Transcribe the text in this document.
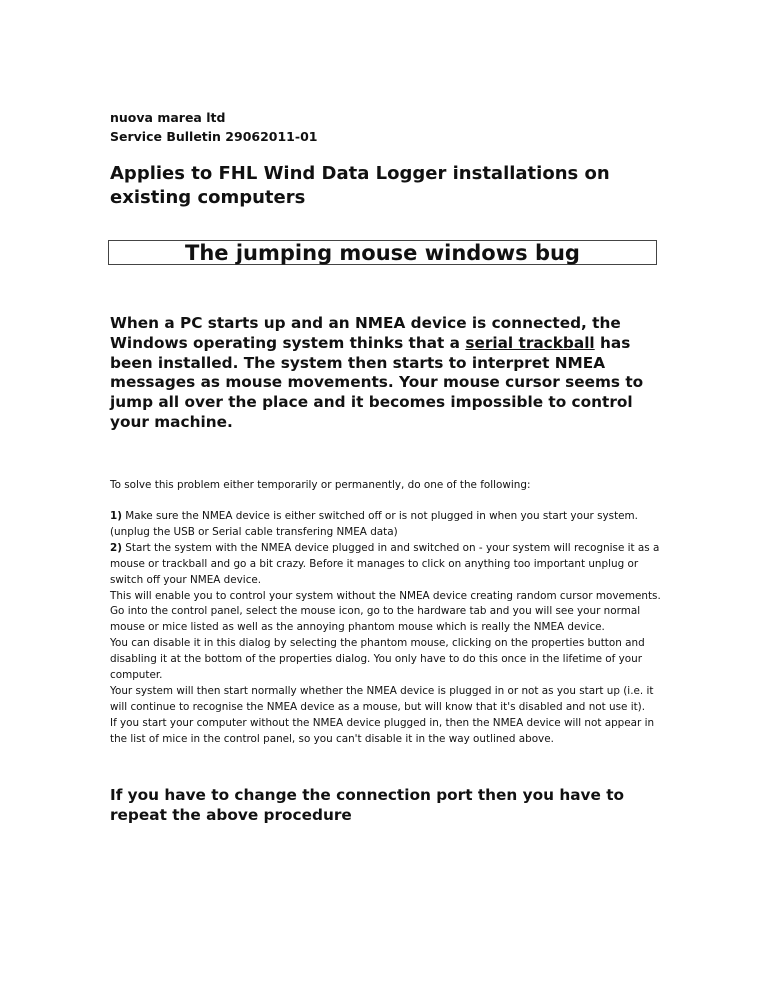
nuova marea ltd
Service Bulletin 29062011-01
Applies to FHL Wind Data Logger installations on existing computers
The jumping mouse windows bug
When a PC starts up and an NMEA device is connected, the Windows operating system thinks that a serial trackball has been installed. The system then starts to interpret NMEA messages as mouse movements. Your mouse cursor seems to jump all over the place and it becomes impossible to control your machine.
To solve this problem either temporarily or permanently, do one of the following:

1) Make sure the NMEA device is either switched off or is not plugged in when you start your system. (unplug the USB or Serial cable transfering NMEA data)

2) Start the system with the NMEA device plugged in and switched on - your system will recognise it as a mouse or trackball and go a bit crazy. Before it manages to click on anything too important unplug or switch off your NMEA device.

This will enable you to control your system without the NMEA device creating random cursor movements. Go into the control panel, select the mouse icon, go to the hardware tab and you will see your normal mouse or mice listed as well as the annoying phantom mouse which is really the NMEA device.

You can disable it in this dialog by selecting the phantom mouse, clicking on the properties button and disabling it at the bottom of the properties dialog. You only have to do this once in the lifetime of your computer.

Your system will then start normally whether the NMEA device is plugged in or not as you start up (i.e. it will continue to recognise the NMEA device as a mouse, but will know that it's disabled and not use it).

If you start your computer without the NMEA device plugged in, then the NMEA device will not appear in the list of mice in the control panel, so you can't disable it in the way outlined above.

If you have to change the connection port then you have to repeat the above procedure
